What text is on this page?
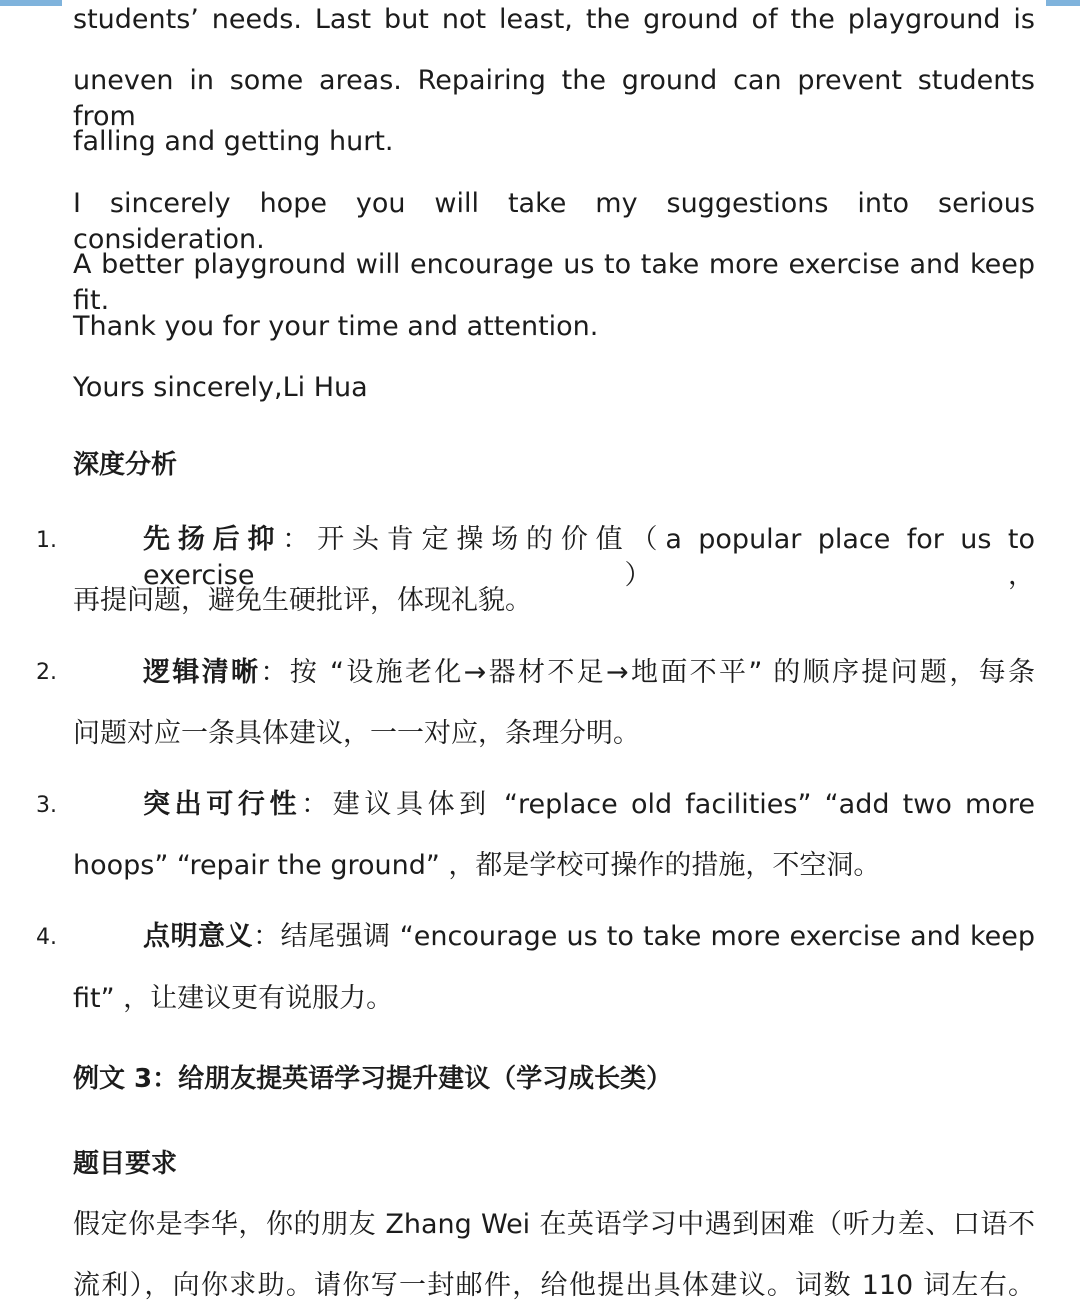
students’ needs. Last but not least, the ground of the playground is
uneven in some areas. Repairing the ground can prevent students from
falling and getting hurt.
I sincerely hope you will take my suggestions into serious consideration.
A better playground will encourage us to take more exercise and keep fit.
Thank you for your time and attention.
Yours sincerely,Li Hua
深度分析
1.	先扬后抑：开头肯定操场的价值（a popular place for us to exercise），
再提问题，避免生硬批评，体现礼貌。
2.	逻辑清晰：按 “设施老化→器材不足→地面不平” 的顺序提问题，每条
问题对应一条具体建议，一一对应，条理分明。
3.	突出可行性：建议具体到 “replace old facilities” “add two more
hoops” “repair the ground” ，都是学校可操作的措施，不空洞。
4.	点明意义：结尾强调 “encourage us to take more exercise and keep
fit” ，让建议更有说服力。
例文 3：给朋友提英语学习提升建议（学习成长类）
题目要求
假定你是李华，你的朋友 Zhang Wei 在英语学习中遇到困难（听力差、口语不
流利），向你求助。请你写一封邮件，给他提出具体建议。词数 110 词左右。
